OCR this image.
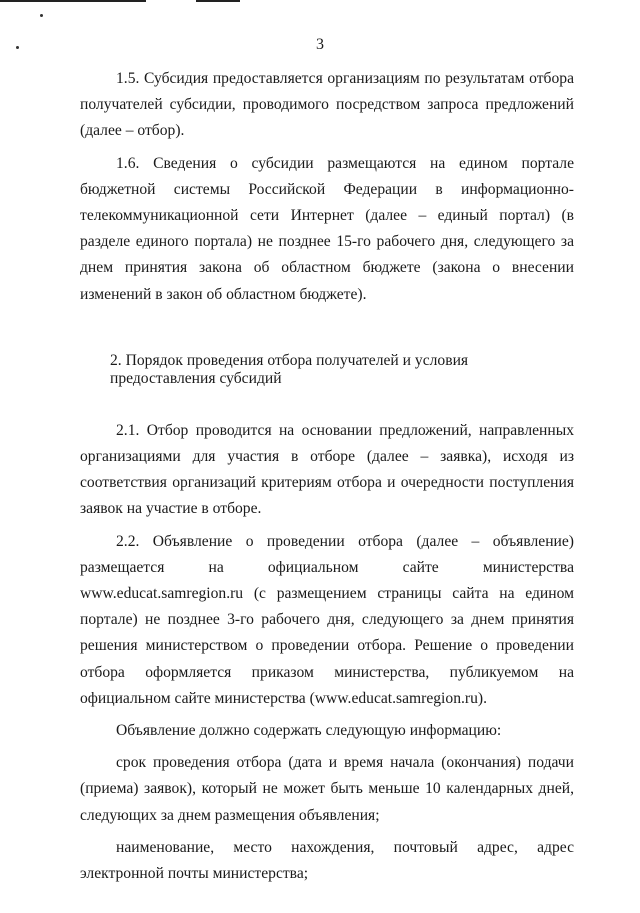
3

1.5. Субсидия предоставляется организациям по результатам отбора получателей субсидии, проводимого посредством запроса предложений (далее – отбор).

1.6. Сведения о субсидии размещаются на едином портале бюджетной системы Российской Федерации в информационно-телекоммуникационной сети Интернет (далее – единый портал) (в разделе единого портала) не позднее 15-го рабочего дня, следующего за днем принятия закона об областном бюджете (закона о внесении изменений в закон об областном бюджете).

2. Порядок проведения отбора получателей и условия
предоставления субсидий

2.1. Отбор проводится на основании предложений, направленных организациями для участия в отборе (далее – заявка), исходя из соответствия организаций критериям отбора и очередности поступления заявок на участие в отборе.

2.2. Объявление о проведении отбора (далее – объявление) размещается на официальном сайте министерства www.educat.samregion.ru (с размещением страницы сайта на едином портале) не позднее 3-го рабочего дня, следующего за днем принятия решения министерством о проведении отбора. Решение о проведении отбора оформляется приказом министерства, публикуемом на официальном сайте министерства (www.educat.samregion.ru).

Объявление должно содержать следующую информацию:

срок проведения отбора (дата и время начала (окончания) подачи (приема) заявок), который не может быть меньше 10 календарных дней, следующих за днем размещения объявления;

наименование, место нахождения, почтовый адрес, адрес электронной почты министерства;
